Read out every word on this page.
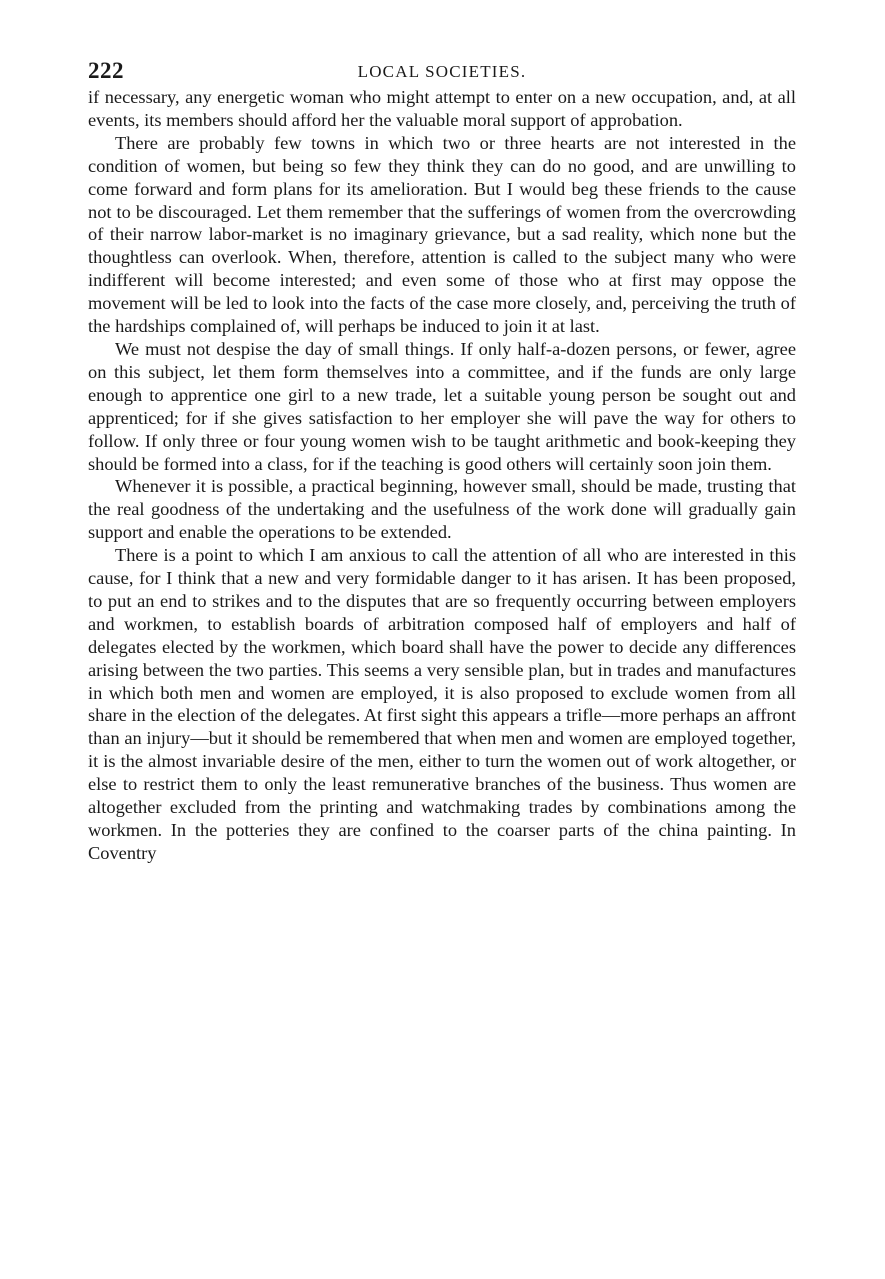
222	LOCAL SOCIETIES.

if necessary, any energetic woman who might attempt to enter on a new occupation, and, at all events, its members should afford her the valuable moral support of approbation.

There are probably few towns in which two or three hearts are not interested in the condition of women, but being so few they think they can do no good, and are unwilling to come forward and form plans for its amelioration. But I would beg these friends to the cause not to be discouraged. Let them remember that the sufferings of women from the overcrowding of their narrow labor-market is no imaginary grievance, but a sad reality, which none but the thoughtless can overlook. When, therefore, attention is called to the subject many who were indifferent will become interested; and even some of those who at first may oppose the movement will be led to look into the facts of the case more closely, and, perceiving the truth of the hardships complained of, will perhaps be induced to join it at last.

We must not despise the day of small things. If only half-a-dozen persons, or fewer, agree on this subject, let them form themselves into a committee, and if the funds are only large enough to apprentice one girl to a new trade, let a suitable young person be sought out and apprenticed; for if she gives satisfaction to her employer she will pave the way for others to follow. If only three or four young women wish to be taught arithmetic and book-keeping they should be formed into a class, for if the teaching is good others will certainly soon join them.

Whenever it is possible, a practical beginning, however small, should be made, trusting that the real goodness of the undertaking and the usefulness of the work done will gradually gain support and enable the operations to be extended.

There is a point to which I am anxious to call the attention of all who are interested in this cause, for I think that a new and very formidable danger to it has arisen. It has been proposed, to put an end to strikes and to the disputes that are so frequently occurring between employers and workmen, to establish boards of arbitration composed half of employers and half of delegates elected by the workmen, which board shall have the power to decide any differences arising between the two parties. This seems a very sensible plan, but in trades and manufactures in which both men and women are employed, it is also proposed to exclude women from all share in the election of the delegates. At first sight this appears a trifle—more perhaps an affront than an injury—but it should be remembered that when men and women are employed together, it is the almost invariable desire of the men, either to turn the women out of work altogether, or else to restrict them to only the least remunerative branches of the business. Thus women are altogether excluded from the printing and watchmaking trades by combinations among the workmen. In the potteries they are confined to the coarser parts of the china painting. In Coventry
